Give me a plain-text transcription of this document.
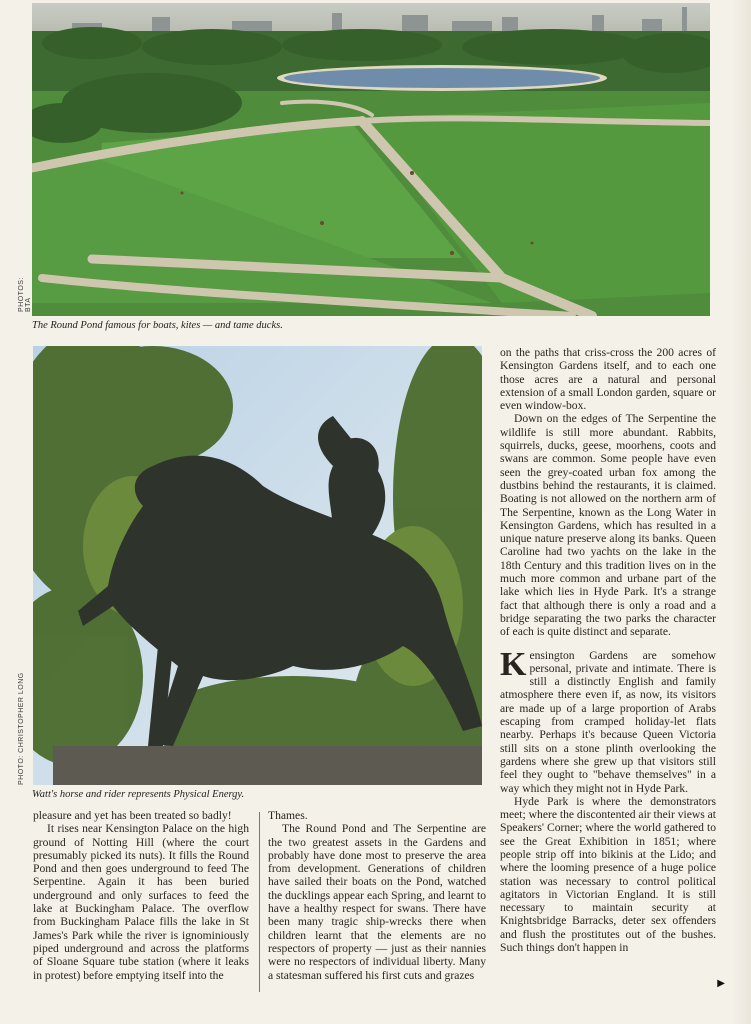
PHOTOS: BTA
The Round Pond famous for boats, kites — and tame ducks.
PHOTO: CHRISTOPHER LONG
Watt's horse and rider represents Physical Energy.

on the paths that criss-cross the 200 acres of Kensington Gardens itself, and to each one those acres are a natural and personal extension of a small London garden, square or even window-box.

Down on the edges of The Serpentine the wildlife is still more abundant. Rabbits, squirrels, ducks, geese, moorhens, coots and swans are common. Some people have even seen the grey-coated urban fox among the dustbins behind the restaurants, it is claimed. Boating is not allowed on the northern arm of The Serpentine, known as the Long Water in Kensington Gardens, which has resulted in a unique nature preserve along its banks. Queen Caroline had two yachts on the lake in the 18th Century and this tradition lives on in the much more common and urbane part of the lake which lies in Hyde Park. It's a strange fact that although there is only a road and a bridge separating the two parks the character of each is quite distinct and separate.

Kensington Gardens are somehow personal, private and intimate. There is still a distinctly English and family atmosphere there even if, as now, its visitors are made up of a large proportion of Arabs escaping from cramped holiday-let flats nearby. Perhaps it's because Queen Victoria still sits on a stone plinth overlooking the gardens where she grew up that visitors still feel they ought to "behave themselves" in a way which they might not in Hyde Park.

Hyde Park is where the demonstrators meet; where the discontented air their views at Speakers' Corner; where the world gathered to see the Great Exhibition in 1851; where people strip off into bikinis at the Lido; and where the looming presence of a huge police station was necessary to control political agitators in Victorian England. It is still necessary to maintain security at Knightsbridge Barracks, deter sex offenders and flush the prostitutes out of the bushes. Such things don't happen in

pleasure and yet has been treated so badly!

It rises near Kensington Palace on the high ground of Notting Hill (where the court presumably picked its nuts). It fills the Round Pond and then goes underground to feed The Serpentine. Again it has been buried underground and only surfaces to feed the lake at Buckingham Palace. The overflow from Buckingham Palace fills the lake in St James's Park while the river is ignominiously piped underground and across the platforms of Sloane Square tube station (where it leaks in protest) before emptying itself into the

Thames.

The Round Pond and The Serpentine are the two greatest assets in the Gardens and probably have done most to preserve the area from development. Generations of children have sailed their boats on the Pond, watched the ducklings appear each Spring, and learnt to have a healthy respect for swans. There have been many tragic ship-wrecks there when children learnt that the elements are no respectors of property — just as their nannies were no respectors of individual liberty. Many a statesman suffered his first cuts and grazes

▶
